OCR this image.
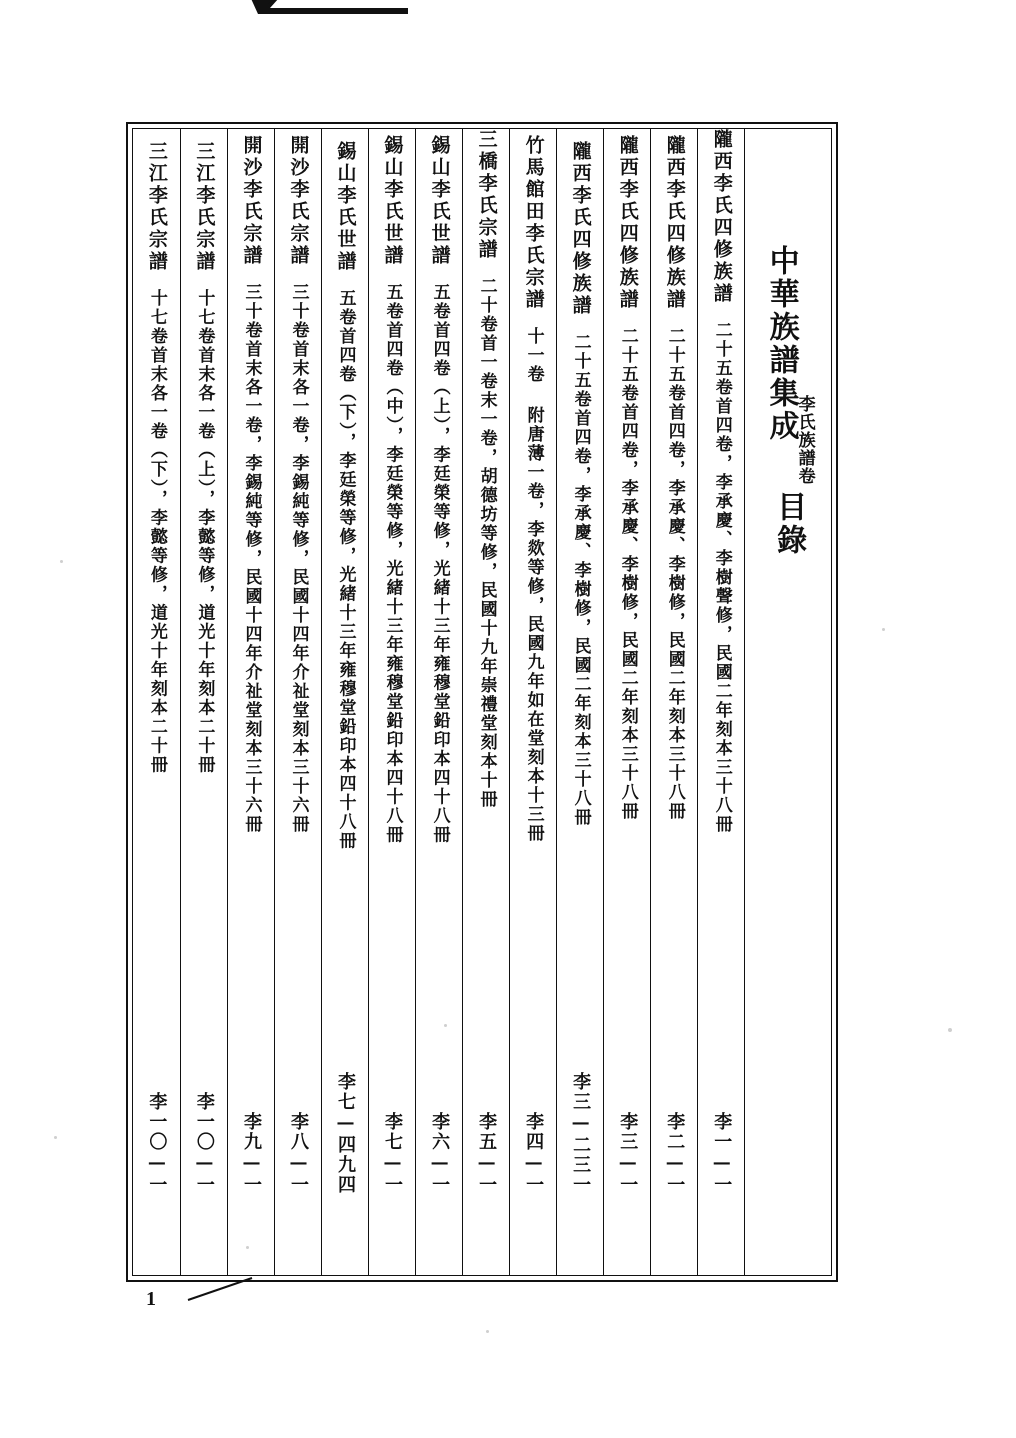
中華族譜集成
李氏族譜卷
目錄
隴西李氏四修族譜
二十五卷首四卷，李承慶、李樹聲修，民國二年刻本三十八冊
李一—一
隴西李氏四修族譜
二十五卷首四卷，李承慶、李樹修，民國二年刻本三十八冊
李二—一
隴西李氏四修族譜
二十五卷首四卷，李承慶、李樹修，民國二年刻本三十八冊
李三—一
隴西李氏四修族譜
二十五卷首四卷，李承慶、李樹修，民國二年刻本三十八冊
李三—二三一
竹馬館田李氏宗譜
十一卷 附唐薄一卷，李欻等修，民國九年如在堂刻本十三冊
李四—一
三橋李氏宗譜
二十卷首一卷末一卷，胡德坊等修，民國十九年崇禮堂刻本十冊
李五—一
錫山李氏世譜
五卷首四卷（上），李廷榮等修，光緒十三年雍穆堂鉛印本四十八冊
李六—一
錫山李氏世譜
五卷首四卷（中），李廷榮等修，光緒十三年雍穆堂鉛印本四十八冊
李七—一
錫山李氏世譜
五卷首四卷（下），李廷榮等修，光緒十三年雍穆堂鉛印本四十八冊
李七—四九四
開沙李氏宗譜
三十卷首末各一卷，李錫純等修，民國十四年介祉堂刻本三十六冊
李八—一
開沙李氏宗譜
三十卷首末各一卷，李錫純等修，民國十四年介祉堂刻本三十六冊
李九—一
三江李氏宗譜
十七卷首末各一卷（上），李懿等修，道光十年刻本二十冊
李一〇—一
三江李氏宗譜
十七卷首末各一卷（下），李懿等修，道光十年刻本二十冊
李一〇—一
1
